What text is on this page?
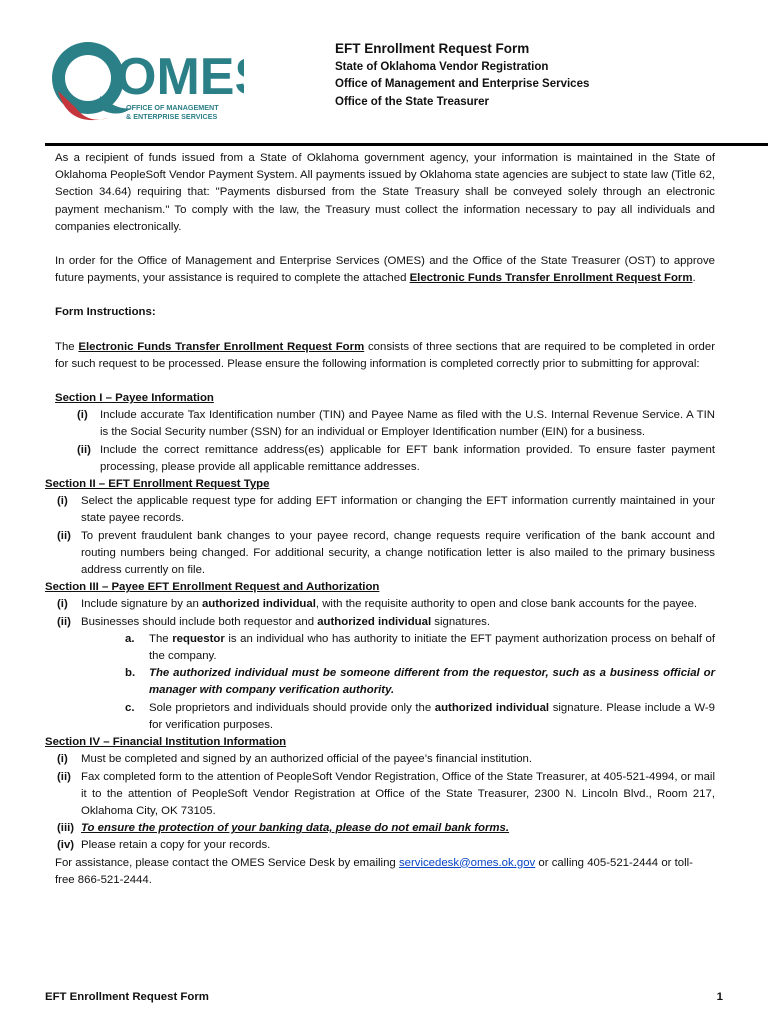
OME
OFFICE OF MANAGEMENT
& ENTERPRISE SERVICES
EFT Enrollment Request Form
State of Oklahoma Vendor Registration
Office of Management and Enterprise Services
Office of the State Treasurer

As a recipient of funds issued from a State of Oklahoma government agency, your information is maintained in the State of Oklahoma PeopleSoft Vendor Payment System. All payments issued by Oklahoma state agencies are subject to state law (Title 62, Section 34.64) requiring that: "Payments disbursed from the State Treasury shall be conveyed solely through an electronic payment mechanism." To comply with the law, the Treasury must collect the information necessary to pay all individuals and companies electronically.

In order for the Office of Management and Enterprise Services (OMES) and the Office of the State Treasurer (OST) to approve future payments, your assistance is required to complete the attached Electronic Funds Transfer Enrollment Request Form.

Form Instructions:

The Electronic Funds Transfer Enrollment Request Form consists of three sections that are required to be completed in order for such request to be processed. Please ensure the following information is completed correctly prior to submitting for approval:

Section I – Payee Information
(i)	Include accurate Tax Identification number (TIN) and Payee Name as filed with the U.S. Internal Revenue Service. A TIN is the Social Security number (SSN) for an individual or Employer Identification number (EIN) for a business.
(ii) Include the correct remittance address(es) applicable for EFT bank information provided. To ensure faster payment processing, please provide all applicable remittance addresses.
Section II – EFT Enrollment Request Type
(i)	Select the applicable request type for adding EFT information or changing the EFT information currently maintained in your state payee records.
(ii) To prevent fraudulent bank changes to your payee record, change requests require verification of the bank account and routing numbers being changed. For additional security, a change notification letter is also mailed to the primary business address currently on file.
Section III – Payee EFT Enrollment Request and Authorization
(i)	Include signature by an authorized individual, with the requisite authority to open and close bank accounts for the payee.
(ii) Businesses should include both requestor and authorized individual signatures.
a.	The requestor is an individual who has authority to initiate the EFT payment authorization process on behalf of the company.
b.	The authorized individual must be someone different from the requestor, such as a business official or manager with company verification authority.
c.	Sole proprietors and individuals should provide only the authorized individual signature. Please include a W-9 for verification purposes.
Section IV – Financial Institution Information
(i)	Must be completed and signed by an authorized official of the payee’s financial institution.
(ii) Fax completed form to the attention of PeopleSoft Vendor Registration, Office of the State Treasurer, at 405-521-4994, or mail it to the attention of PeopleSoft Vendor Registration at Office of the State Treasurer, 2300 N. Lincoln Blvd., Room 217, Oklahoma City, OK 73105.
(iii) To ensure the protection of your banking data, please do not email bank forms.
(iv) Please retain a copy for your records.

For assistance, please contact the OMES Service Desk by emailing servicedesk@omes.ok.gov or calling 405-521-2444 or toll-free 866-521-2444.

EFT Enrollment Request Form	1
